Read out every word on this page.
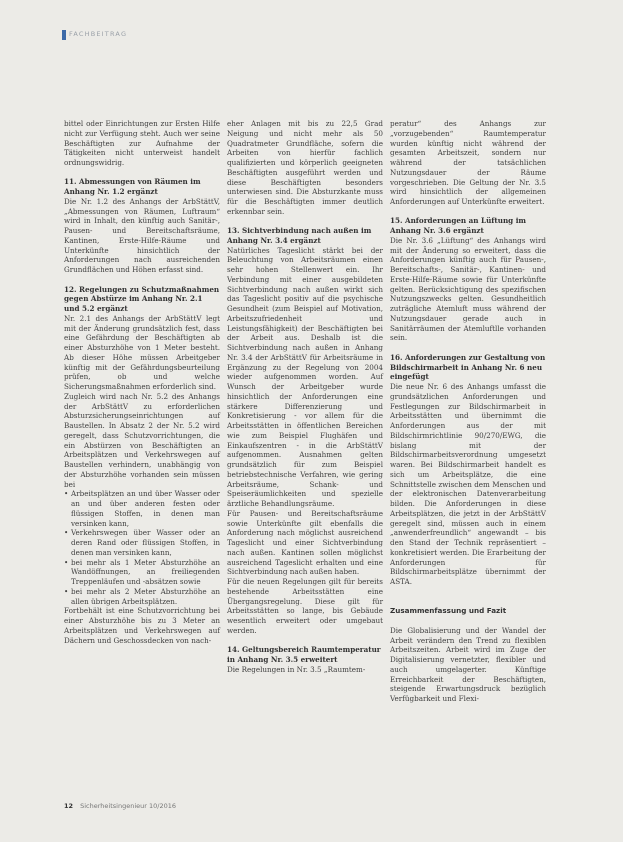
FACHBEITRAG

bittel oder Einrichtungen zur Ersten Hilfe nicht zur Verfügung steht. Auch wer seine Beschäftigten zur Aufnahme der Tätigkeiten nicht unterweist handelt ordnungswidrig.

11. Abmessungen von Räumen im Anhang Nr. 1.2 ergänzt

Die Nr. 1.2 des Anhangs der ArbStättV, „Abmessungen von Räumen, Luftraum“ wird in Inhalt, den künftig auch Sanitär-, Pausen- und Bereitschaftsräume, Kantinen, Erste-Hilfe-Räume und Unterkünfte hinsichtlich der Anforderungen nach ausreichenden Grundflächen und Höhen erfasst sind.

12. Regelungen zu Schutzmaßnahmen gegen Abstürze im Anhang Nr. 2.1 und 5.2 ergänzt

Nr. 2.1 des Anhangs der ArbStättV legt mit der Änderung grundsätzlich fest, dass eine Gefährdung der Beschäftigten ab einer Absturzhöhe von 1 Meter besteht. Ab dieser Höhe müssen Arbeitgeber künftig mit der Gefährdungsbeurteilung prüfen, ob und welche Sicherungsmaßnahmen erforderlich sind.

Zugleich wird nach Nr. 5.2 des Anhangs der ArbStättV zu erforderlichen Absturzsicherungseinrichtungen auf Baustellen. In Absatz 2 der Nr. 5.2 wird geregelt, dass Schutzvorrichtungen, die ein Abstürzen von Beschäftigten an Arbeitsplätzen und Verkehrswegen auf Baustellen verhindern, unabhängig von der Absturzhöhe vorhanden sein müssen bei

• Arbeitsplätzen an und über Wasser oder an und über anderen festen oder flüssigen Stoffen, in denen man versinken kann,
• Verkehrswegen über Wasser oder an deren Rand oder flüssigen Stoffen, in denen man versinken kann,
• bei mehr als 1 Meter Absturzhöhe an Wandöffnungen, an freiliegenden Treppenläufen und -absätzen sowie
• bei mehr als 2 Meter Absturzhöhe an allen übrigen Arbeitsplätzen.

Fortbehält ist eine Schutzvorrichtung bei einer Absturzhöhe bis zu 3 Meter an Arbeitsplätzen und Verkehrswegen auf Dächern und Geschossdecken von nach-

eher Anlagen mit bis zu 22,5 Grad Neigung und nicht mehr als 50 Quadratmeter Grundfläche, sofern die Arbeiten von hierfür fachlich qualifizierten und körperlich geeigneten Beschäftigten ausgeführt werden und diese Beschäftigten besonders unterwiesen sind. Die Absturzkante muss für die Beschäftigten immer deutlich erkennbar sein.

13. Sichtverbindung nach außen im Anhang Nr. 3.4 ergänzt

Natürliches Tageslicht stärkt bei der Beleuchtung von Arbeitsräumen einen sehr hohen Stellenwert ein. Ihr Verbindung mit einer ausgebildeten Sichtverbindung nach außen wirkt sich das Tageslicht positiv auf die psychische Gesundheit (zum Beispiel auf Motivation, Arbeitszufriedenheit und Leistungsfähigkeit) der Beschäftigten bei der Arbeit aus. Deshalb ist die Sichtverbindung nach außen in Anhang Nr. 3.4 der ArbStättV für Arbeitsräume in Ergänzung zu der Regelung von 2004 wieder aufgenommen worden. Auf Wunsch der Arbeitgeber wurde hinsichtlich der Anforderungen eine stärkere Differenzierung und Konkretisierung - vor allem für die Arbeitsstätten in öffentlichen Bereichen wie zum Beispiel Flughäfen und Einkaufszentren - in die ArbStättV aufgenommen. Ausnahmen gelten grundsätzlich für zum Beispiel betriebstechnische Verfahren, wie gering Arbeitsräume, Schank- und Speiseräumlichkeiten und spezielle ärztliche Behandlungsräume.

Für Pausen- und Bereitschaftsräume sowie Unterkünfte gilt ebenfalls die Anforderung nach möglichst ausreichend Tageslicht und einer Sichtverbindung nach außen. Kantinen sollen möglichst ausreichend Tageslicht erhalten und eine Sichtverbindung nach außen haben.

Für die neuen Regelungen gilt für bereits bestehende Arbeitsstätten eine Übergangsregelung. Diese gilt für Arbeitsstätten so lange, bis Gebäude wesentlich erweitert oder umgebaut werden.

14. Geltungsbereich Raumtemperatur in Anhang Nr. 3.5 erweitert

Die Regelungen in Nr. 3.5 „Raumtem-

peratur“ des Anhangs zur „vorzugebenden“ Raumtemperatur wurden künftig nicht während der gesamten Arbeitszeit, sondern nur während der tatsächlichen Nutzungsdauer der Räume vorgeschrieben. Die Geltung der Nr. 3.5 wird hinsichtlich der allgemeinen Anforderungen auf Unterkünfte erweitert.

15. Anforderungen an Lüftung im Anhang Nr. 3.6 ergänzt

Die Nr. 3.6 „Lüftung“ des Anhangs wird mit der Änderung so erweitert, dass die Anforderungen künftig auch für Pausen-, Bereitschafts-, Sanitär-, Kantinen- und Erste-Hilfe-Räume sowie für Unterkünfte gelten. Berücksichtigung des spezifischen Nutzungszwecks gelten. Gesundheitlich zuträgliche Atemluft muss während der Nutzungsdauer gerade auch in Sanitärräumen der Atemluftlle vorhanden sein.

16. Anforderungen zur Gestaltung von Bildschirmarbeit in Anhang Nr. 6 neu eingefügt

Die neue Nr. 6 des Anhangs umfasst die grundsätzlichen Anforderungen und Festlegungen zur Bildschirmarbeit in Arbeitsstätten und übernimmt die Anforderungen aus der mit Bildschirmrichtlinie 90/270/EWG, die bislang mit der Bildschirmarbeitsverordnung umgesetzt waren. Bei Bildschirmarbeit handelt es sich um Arbeitsplätze, die eine Schnittstelle zwischen dem Menschen und der elektronischen Datenverarbeitung bilden. Die Anforderungen in diese Arbeitsplätzen, die jetzt in der ArbStättV geregelt sind, müssen auch in einem „anwenderfreundlich“ angewandt – bis den Stand der Technik repräsentiert – konkretisiert werden. Die Erarbeitung der Anforderungen für Bildschirmarbeitsplätze übernimmt der ASTA.

Zusammenfassung und Fazit

Die Globalisierung und der Wandel der Arbeit verändern den Trend zu flexiblen Arbeitszeiten. Arbeit wird im Zuge der Digitalisierung vernetzter, flexibler und auch umgelagerter. Künftige Erreichbarkeit der Beschäftigten, steigende Erwartungsdruck bezüglich Verfügbarkeit und Flexi-

12 Sicherheitsingenieur 10/2016
